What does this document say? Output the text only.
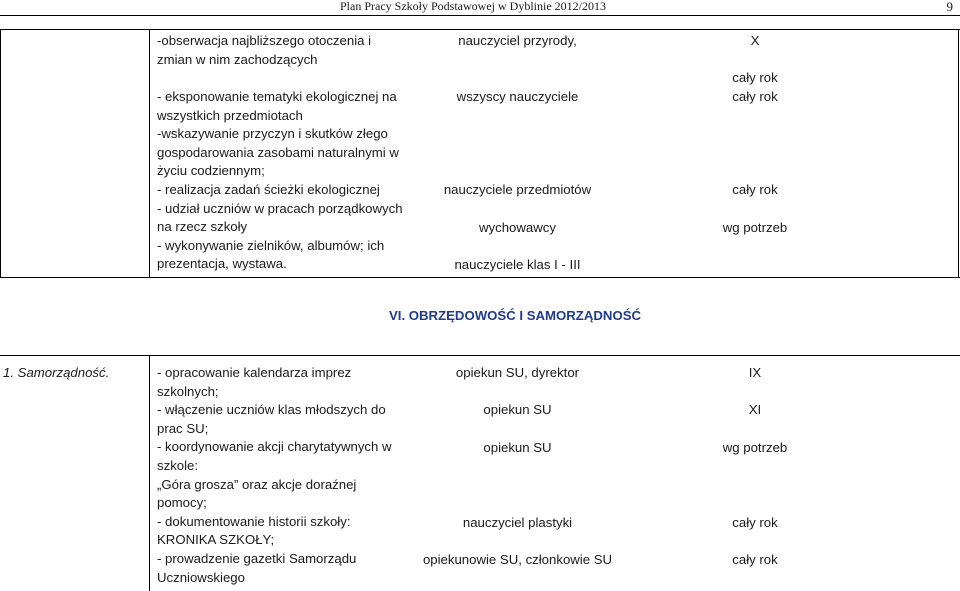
Plan Pracy Szkoły Podstawowej w Dyblinie 2012/2013	9
-obserwacja najbliższego otoczenia i zmian w nim zachodzących
- eksponowanie tematyki ekologicznej na wszystkich przedmiotach
-wskazywanie przyczyn i skutków złego gospodarowania zasobami naturalnymi w życiu codziennym;
- realizacja zadań ścieżki ekologicznej
- udział uczniów w pracach porządkowych na rzecz szkoły
- wykonywanie zielników, albumów; ich prezentacja, wystawa.
nauczyciel przyrody,
wszyscy nauczyciele
nauczyciele przedmiotów
wychowawcy
nauczyciele klas I - III
X
cały rok
cały rok
cały rok
wg potrzeb
VI. OBRZĘDOWOŚĆ I SAMORZĄDNOŚĆ
1. Samorządność.	- opracowanie kalendarza imprez szkolnych;
- włączenie uczniów klas młodszych do prac SU;
- koordynowanie akcji charytatywnych w szkole:
„Góra grosza” oraz akcje doraźnej pomocy;
- dokumentowanie historii szkoły: KRONIKA SZKOŁY;
- prowadzenie gazetki Samorządu Uczniowskiego
opiekun SU, dyrektor
opiekun SU
opiekun SU
nauczyciel plastyki
opiekunowie SU, członkowie SU
IX
XI
wg potrzeb
cały rok
cały rok
